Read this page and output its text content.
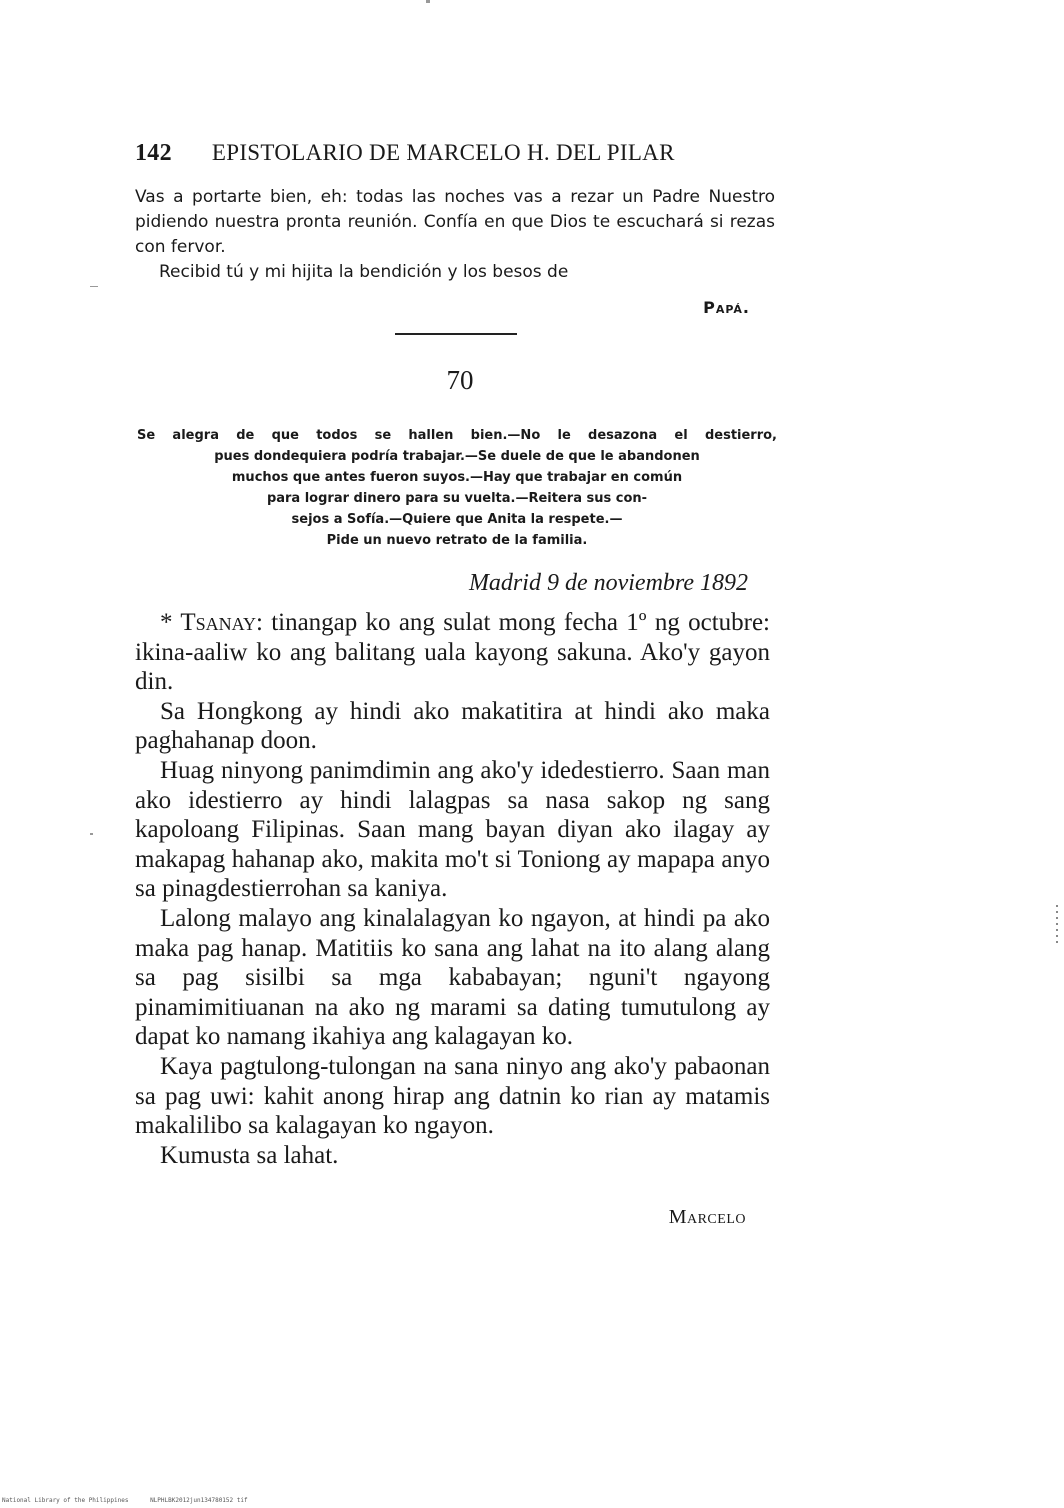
142 EPISTOLARIO DE MARCELO H. DEL PILAR

Vas a portarte bien, eh: todas las noches vas a rezar un Padre Nuestro pidiendo nuestra pronta reunión. Confía en que Dios te escuchará si rezas con fervor.

Recibid tú y mi hijita la bendición y los besos de

Papá.
70
Se alegra de que todos se hallen bien.—No le desazona el destierro,
pues dondequiera podría trabajar.—Se duele de que le abandonen
muchos que antes fueron suyos.—Hay que trabajar en común
para lograr dinero para su vuelta.—Reitera sus con-
sejos a Sofía.—Quiere que Anita la respete.—
Pide un nuevo retrato de la familia.
Madrid 9 de noviembre 1892

* Tsanay: tinangap ko ang sulat mong fecha 1º ng octubre: ikina-aaliw ko ang balitang uala kayong sakuna. Ako'y gayon din.

Sa Hongkong ay hindi ako makatitira at hindi ako maka paghahanap doon.

Huag ninyong panimdimin ang ako'y idedestierro. Saan man ako idestierro ay hindi lalagpas sa nasa sakop ng sang kapoloang Filipinas. Saan mang bayan diyan ako ilagay ay makapag hahanap ako, makita mo't si Toniong ay mapapa anyo sa pinagdestierrohan sa kaniya.

Lalong malayo ang kinalalagyan ko ngayon, at hindi pa ako maka pag hanap. Matitiis ko sana ang lahat na ito alang alang sa pag sisilbi sa mga kababayan; nguni't ngayong pinamimitiuanan na ako ng marami sa dating tumutulong ay dapat ko namang ikahiya ang kalagayan ko.

Kaya pagtulong-tulongan na sana ninyo ang ako'y pabaonan sa pag uwi: kahit anong hirap ang datnin ko rian ay matamis makalilibo sa kalagayan ko ngayon.

Kumusta sa lahat.

Marcelo
National Library of the Philippines	NLPHLBK2012jun134780152 tif
